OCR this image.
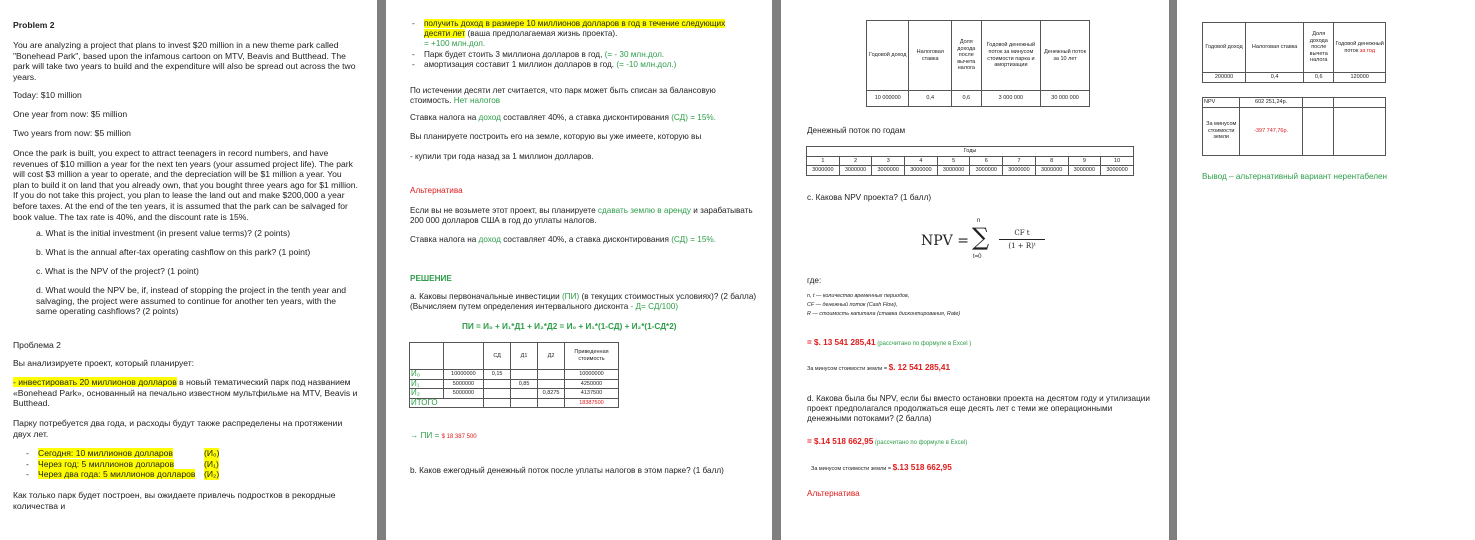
Problem 2
You are analyzing a project that plans to invest $20 million in a new theme park called "Bonehead Park", based upon the infamous cartoon on MTV, Beavis and Butthead. The park will take two years to build and the expenditure will also be spread out across the two years.
Today: $10 million
One year from now: $5 million
Two years from now: $5 million
Once the park is built, you expect to attract teenagers in record numbers, and have revenues of $10 million a year for the next ten years (your assumed project life). The park will cost $3 million a year to operate, and the depreciation will be $1 million a year. You plan to build it on land that you already own, that you bought three years ago for $1 million. If you do not take this project, you plan to lease the land out and make $200,000 a year before taxes. At the end of the ten years, it is assumed that the park can be salvaged for book value. The tax rate is 40%, and the discount rate is 15%.
a. What is the initial investment (in present value terms)? (2 points)
b. What is the annual after-tax operating cashflow on this park? (1 point)
c. What is the NPV of the project? (1 point)
d. What would the NPV be, if, instead of stopping the project in the tenth year and salvaging, the project were assumed to continue for another ten years, with the same operating cashflows? (2 points)
Проблема 2
Вы анализируете проект, который планирует:
- инвестировать 20 миллионов долларов в новый тематический парк под названием «Bonehead Park», основанный на печально известном мультфильме на MTV, Beavis и Butthead.
Парку потребуется два года, и расходы будут также распределены на протяжении двух лет.
- Сегодня: 10 миллионов долларов	(И₀)
- Через год: 5 миллионов долларов	(И₁)
- Через два года: 5 миллионов долларов (И₂)
Как только парк будет построен, вы ожидаете привлечь подростков в рекордные количества и
- получить доход в размере 10 миллионов долларов в год в течение следующих десяти лет (ваша предполагаемая жизнь проекта).
= +100 млн.дол.
- Парк будет стоить 3 миллиона долларов в год, (= - 30 млн.дол.
- амортизация составит 1 миллион долларов в год. (= -10 млн.дол.)
По истечении десяти лет считается, что парк может быть списан за балансовую стоимость. Нет налогов
Ставка налога на доход составляет 40%, а ставка дисконтирования (СД) = 15%.
Вы планируете построить его на земле, которую вы уже имеете, которую вы
- купили три года назад за 1 миллион долларов.
Альтернатива
Если вы не возьмете этот проект, вы планируете сдавать землю в аренду и зарабатывать 200 000 долларов США в год до уплаты налогов.
Ставка налога на доход составляет 40%, а ставка дисконтирования (СД) = 15%.
РЕШЕНИЕ
а. Каковы первоначальные инвестиции (ПИ) (в текущих стоимостных условиях)? (2 балла) (Вычисляем путем определения интервального дисконта - Д= СД/100)
ПИ = И₀ + И₁*Д1 + И₂*Д2 = И₀ + И₁*(1-СД) + И₂*(1-СД*2)
		СД	Д1	Д2	Приведенная стоимость
И₀	10000000	0,15			10000000
И₁	5000000		0,85		4250000
И₂	5000000			0,8275	4137500
ИТОГО					18387500
→ ПИ = $ 18 387 500
b. Каков ежегодный денежный поток после уплаты налогов в этом парке? (1 балл)
Годовой доход	Налоговая ставка	Доля дохода после вычета налога	Годовой денежный поток за минусом стоимости парка и амортизации	Денежный поток за 10 лет
10 000000	0,4	0,6	3 000 000	30 000 000
Денежный поток по годам
Годы									
1	2	3	4	5	6	7	8	9	10
3000000	3000000	3000000	3000000	3000000	3000000	3000000	3000000	3000000	3000000
c. Какова NPV проекта? (1 балл)
NPV =
n
∑
t=0
CF t
(1 + R)ᵗ
где:
n, t — количество временных периодов,
CF — денежный поток (Cash Flow),
R — стоимость капитала (ставка дисконтирования, Rate)
= $. 13 541 285,41 (рассчитано по формуле в Excel )
За минусом стоимости земли = $. 12 541 285,41
d. Какова была бы NPV, если бы вместо остановки проекта на десятом году и утилизации проект предполагался продолжаться еще десять лет с теми же операционными денежными потоками? (2 балла)
= $.14 518 662,95 (рассчитано по формуле в Excel)
За минусом стоимости земли = $.13 518 662,95
Альтернатива
Годовой доход	Налоговая ставка	Доля дохода после вычета налога	Годовой денежный поток за год
200000	0,4	0,6	120000
NPV	602 251,24р.		
За минусом стоимости земли	-397 747,76р.		
Вывод – альтернативный вариант нерентабелен
